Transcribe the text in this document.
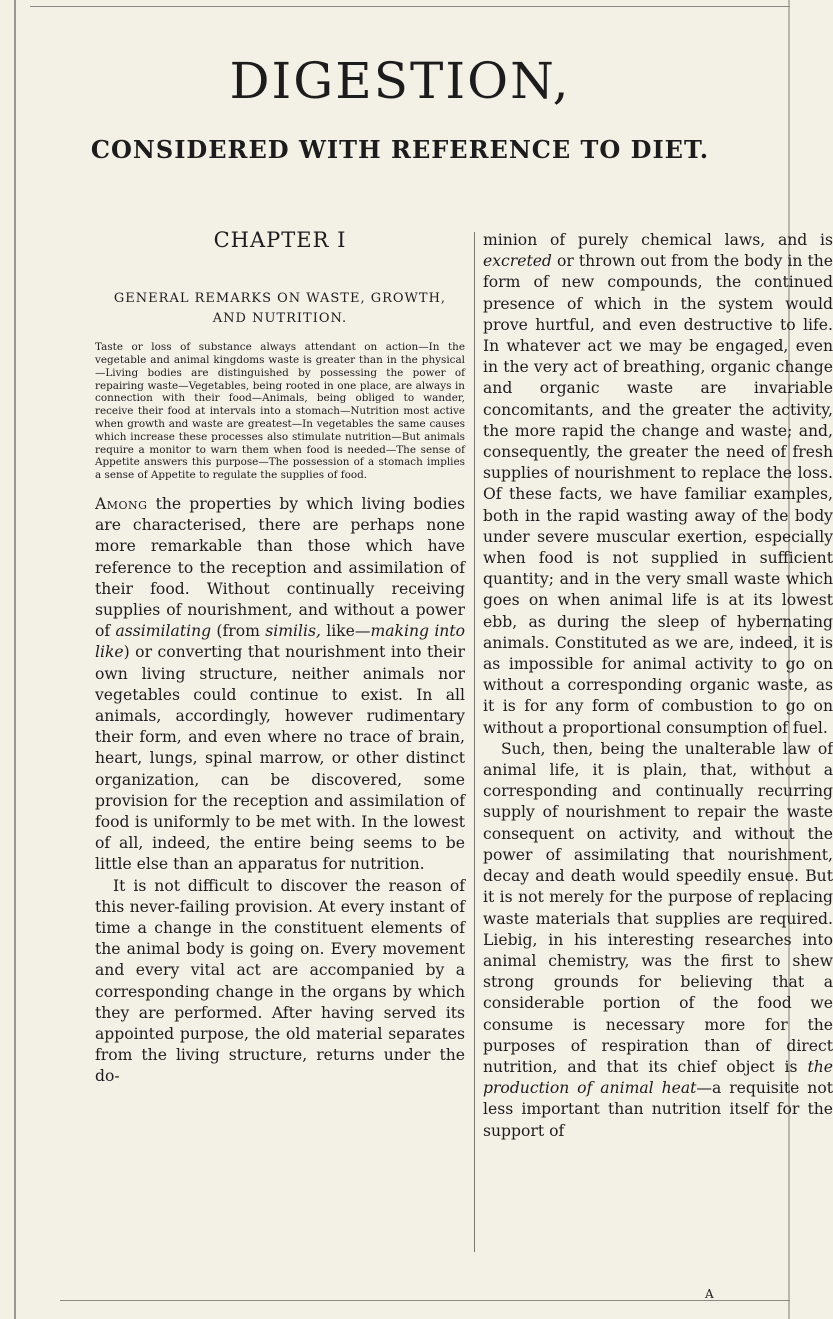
DIGESTION,
CONSIDERED WITH REFERENCE TO DIET.
CHAPTER I
GENERAL REMARKS ON WASTE, GROWTH, AND NUTRITION.

Taste or loss of substance always attendant on action—In the vegetable and animal kingdoms waste is greater than in the physical—Living bodies are distinguished by possessing the power of repairing waste—Vegetables, being rooted in one place, are always in connection with their food—Animals, being obliged to wander, receive their food at intervals into a stomach—Nutrition most active when growth and waste are greatest—In vegetables the same causes which increase these processes also stimulate nutrition—But animals require a monitor to warn them when food is needed—The sense of Appetite answers this purpose—The possession of a stomach implies a sense of Appetite to regulate the supplies of food.

Among the properties by which living bodies are characterised, there are perhaps none more remarkable than those which have reference to the reception and assimilation of their food. Without continually receiving supplies of nourishment, and without a power of assimilating (from similis, like—making into like) or converting that nourishment into their own living structure, neither animals nor vegetables could continue to exist. In all animals, accordingly, however rudimentary their form, and even where no trace of brain, heart, lungs, spinal marrow, or other distinct organization, can be discovered, some provision for the reception and assimilation of food is uniformly to be met with. In the lowest of all, indeed, the entire being seems to be little else than an apparatus for nutrition.

It is not difficult to discover the reason of this never-failing provision. At every instant of time a change in the constituent elements of the animal body is going on. Every movement and every vital act are accompanied by a corresponding change in the organs by which they are performed. After having served its appointed purpose, the old material separates from the living structure, returns under the do-

minion of purely chemical laws, and is excreted or thrown out from the body in the form of new compounds, the continued presence of which in the system would prove hurtful, and even destructive to life. In whatever act we may be engaged, even in the very act of breathing, organic change and organic waste are invariable concomitants, and the greater the activity, the more rapid the change and waste; and, consequently, the greater the need of fresh supplies of nourishment to replace the loss. Of these facts, we have familiar examples, both in the rapid wasting away of the body under severe muscular exertion, especially when food is not supplied in sufficient quantity; and in the very small waste which goes on when animal life is at its lowest ebb, as during the sleep of hybernating animals. Constituted as we are, indeed, it is as impossible for animal activity to go on without a corresponding organic waste, as it is for any form of combustion to go on without a proportional consumption of fuel.

Such, then, being the unalterable law of animal life, it is plain, that, without a corresponding and continually recurring supply of nourishment to repair the waste consequent on activity, and without the power of assimilating that nourishment, decay and death would speedily ensue. But it is not merely for the purpose of replacing waste materials that supplies are required. Liebig, in his interesting researches into animal chemistry, was the first to shew strong grounds for believing that a considerable portion of the food we consume is necessary more for the purposes of respiration than of direct nutrition, and that its chief object is the production of animal heat—a requisite not less important than nutrition itself for the support of

A
